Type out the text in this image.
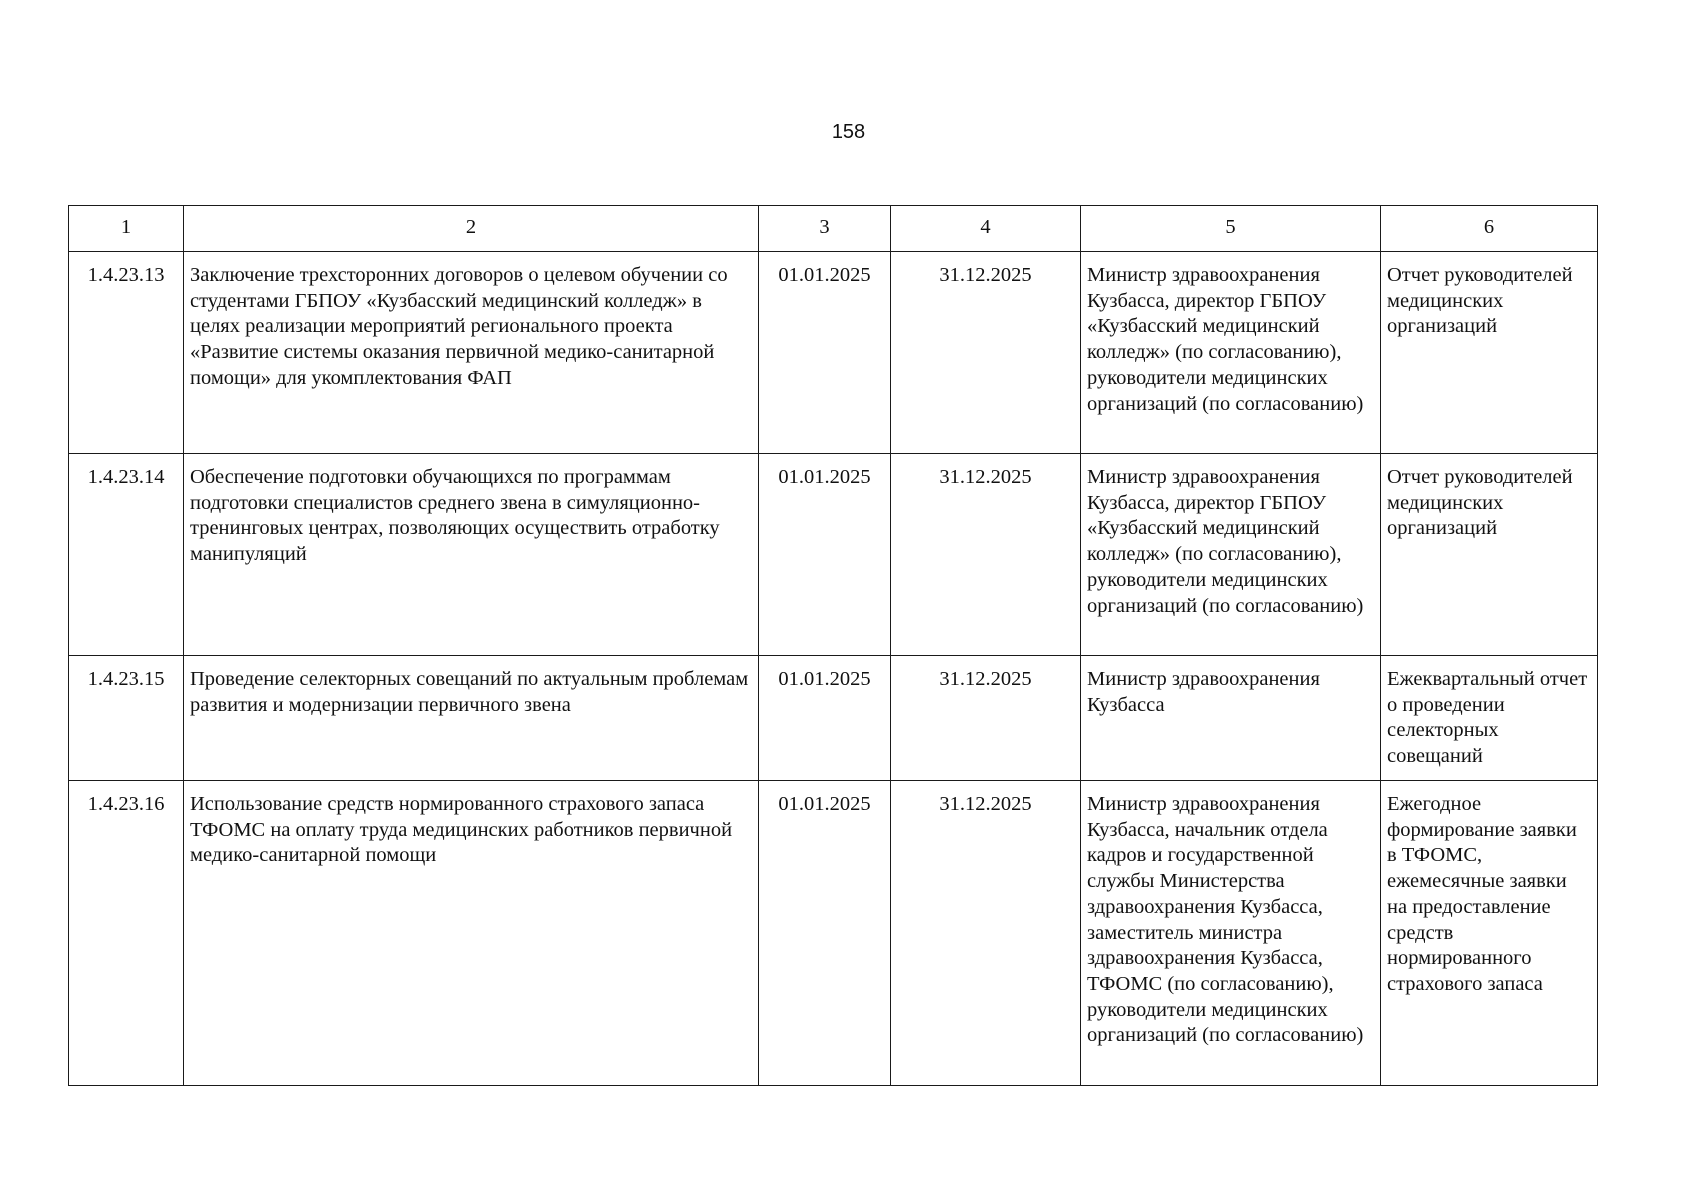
158
1	2	3	4	5	6
1.4.23.13	Заключение трехсторонних договоров о целевом обучении со студентами ГБПОУ «Кузбасский медицинский колледж» в целях реализации мероприятий регионального проекта «Развитие системы оказания первичной медико-санитарной помощи» для укомплектования ФАП	01.01.2025	31.12.2025	Министр здравоохранения Кузбасса, директор ГБПОУ «Кузбасский медицинский колледж» (по согласованию), руководители медицинских организаций (по согласованию)	Отчет руководителей медицинских организаций
1.4.23.14	Обеспечение подготовки обучающихся по программам подготовки специалистов среднего звена в симуляционно-тренинговых центрах, позволяющих осуществить отработку манипуляций	01.01.2025	31.12.2025	Министр здравоохранения Кузбасса, директор ГБПОУ «Кузбасский медицинский колледж» (по согласованию), руководители медицинских организаций (по согласованию)	Отчет руководителей медицинских организаций
1.4.23.15	Проведение селекторных совещаний по актуальным проблемам развития и модернизации первичного звена	01.01.2025	31.12.2025	Министр здравоохранения Кузбасса	Ежеквартальный отчет о проведении селекторных совещаний
1.4.23.16	Использование средств нормированного страхового запаса ТФОМС на оплату труда медицинских работников первичной медико-санитарной помощи	01.01.2025	31.12.2025	Министр здравоохранения Кузбасса, начальник отдела кадров и государственной службы Министерства здравоохранения Кузбасса, заместитель министра здравоохранения Кузбасса, ТФОМС (по согласованию), руководители медицинских организаций (по согласованию)	Ежегодное формирование заявки в ТФОМС, ежемесячные заявки на предоставление средств нормированного страхового запаса
